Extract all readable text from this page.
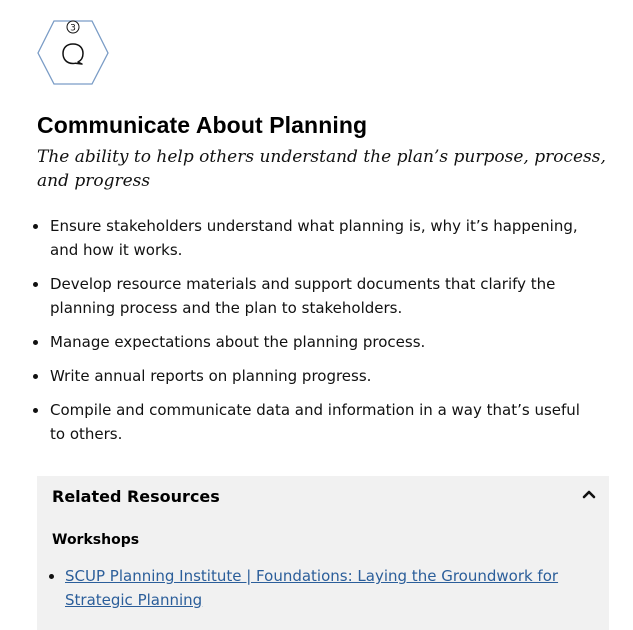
3
Communicate About Planning

The ability to help others understand the plan’s purpose, process, and progress

Ensure stakeholders understand what planning is, why it’s happening, and how it works.
Develop resource materials and support documents that clarify the planning process and the plan to stakeholders.
Manage expectations about the planning process.
Write annual reports on planning progress.
Compile and communicate data and information in a way that’s useful to others.
Related Resources
Workshops
SCUP Planning Institute | Foundations: Laying the Groundwork for Strategic Planning
